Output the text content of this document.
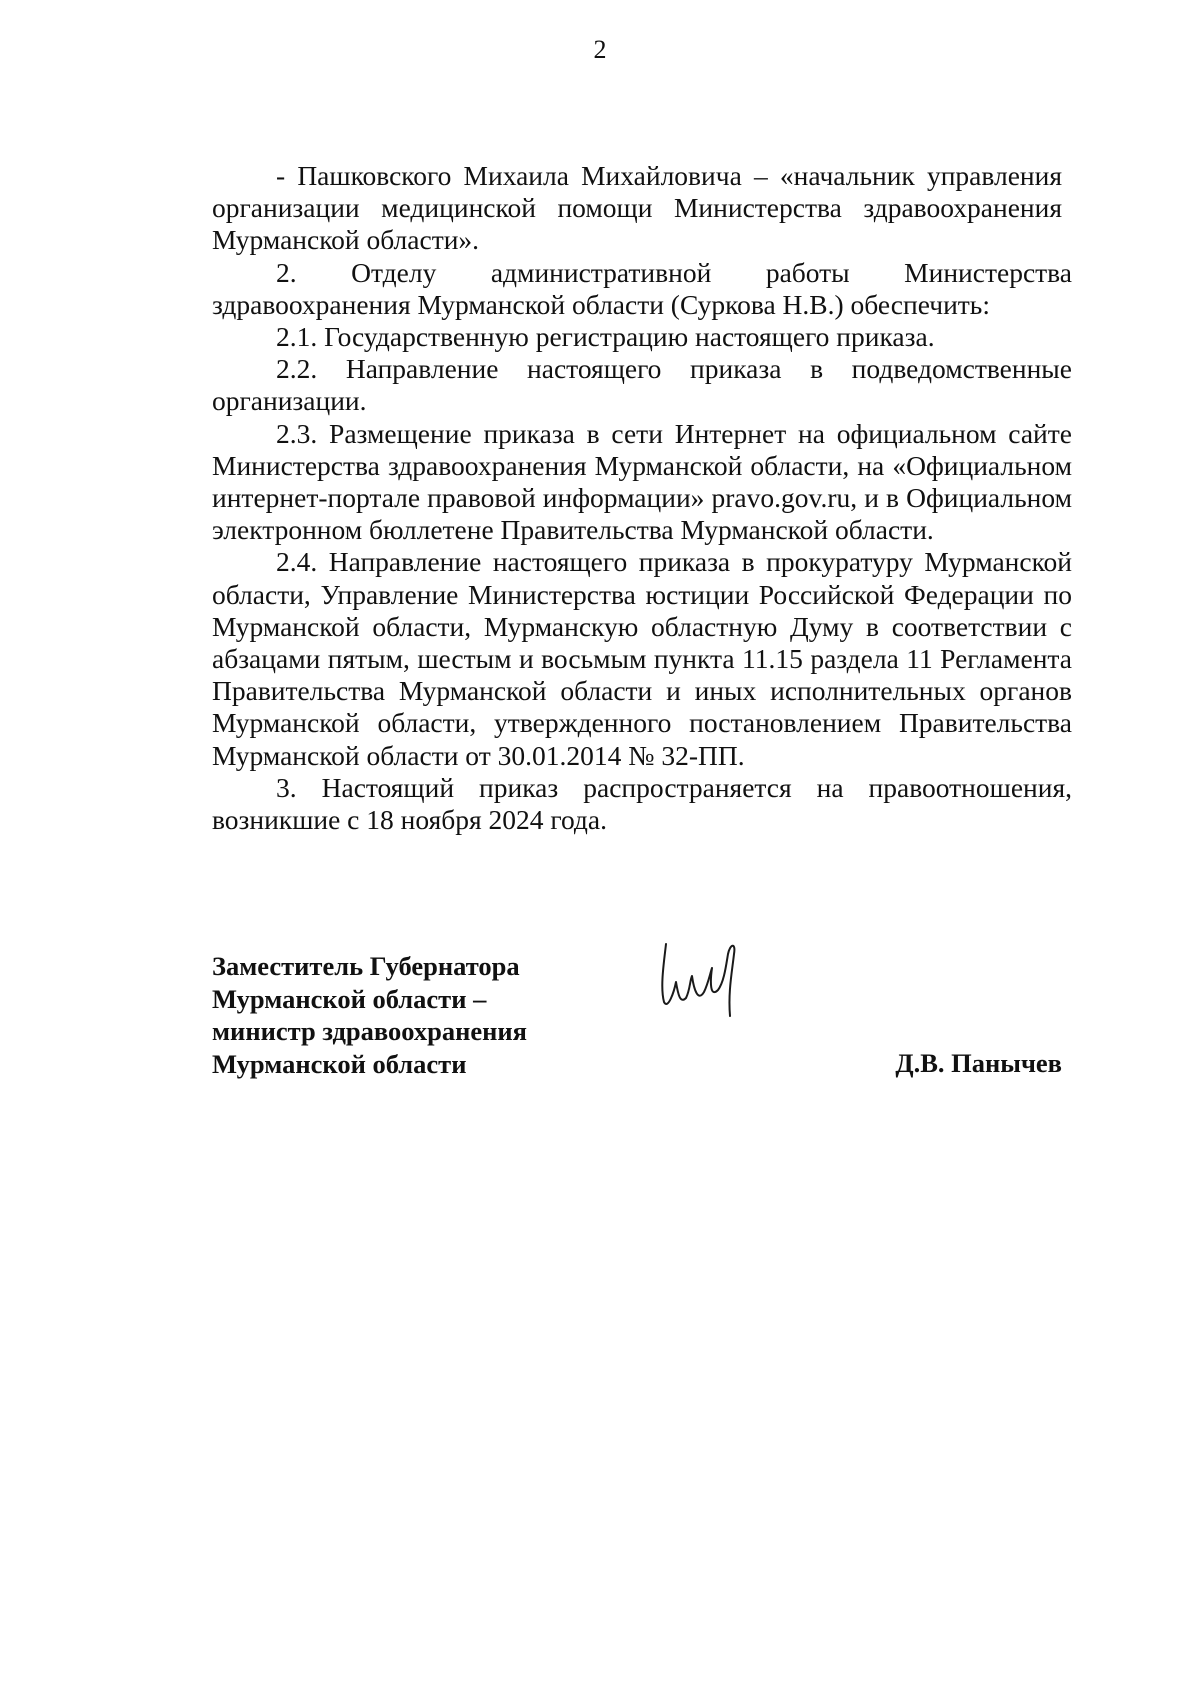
2

- Пашковского Михаила Михайловича – «начальник управления организации медицинской помощи Министерства здравоохранения Мурманской области».

2. Отделу административной работы Министерства здравоохранения Мурманской области (Суркова Н.В.) обеспечить:

2.1. Государственную регистрацию настоящего приказа.

2.2. Направление настоящего приказа в подведомственные организации.

2.3. Размещение приказа в сети Интернет на официальном сайте Министерства здравоохранения Мурманской области, на «Официальном интернет-портале правовой информации» pravo.gov.ru, и в Официальном электронном бюллетене Правительства Мурманской области.

2.4. Направление настоящего приказа в прокуратуру Мурманской области, Управление Министерства юстиции Российской Федерации по Мурманской области, Мурманскую областную Думу в соответствии с абзацами пятым, шестым и восьмым пункта 11.15 раздела 11 Регламента Правительства Мурманской области и иных исполнительных органов Мурманской области, утвержденного постановлением Правительства Мурманской области от 30.01.2014 № 32-ПП.

3. Настоящий приказ распространяется на правоотношения, возникшие с 18 ноября 2024 года.

Заместитель Губернатора
Мурманской области –
министр здравоохранения
Мурманской области	Д.В. Панычев
